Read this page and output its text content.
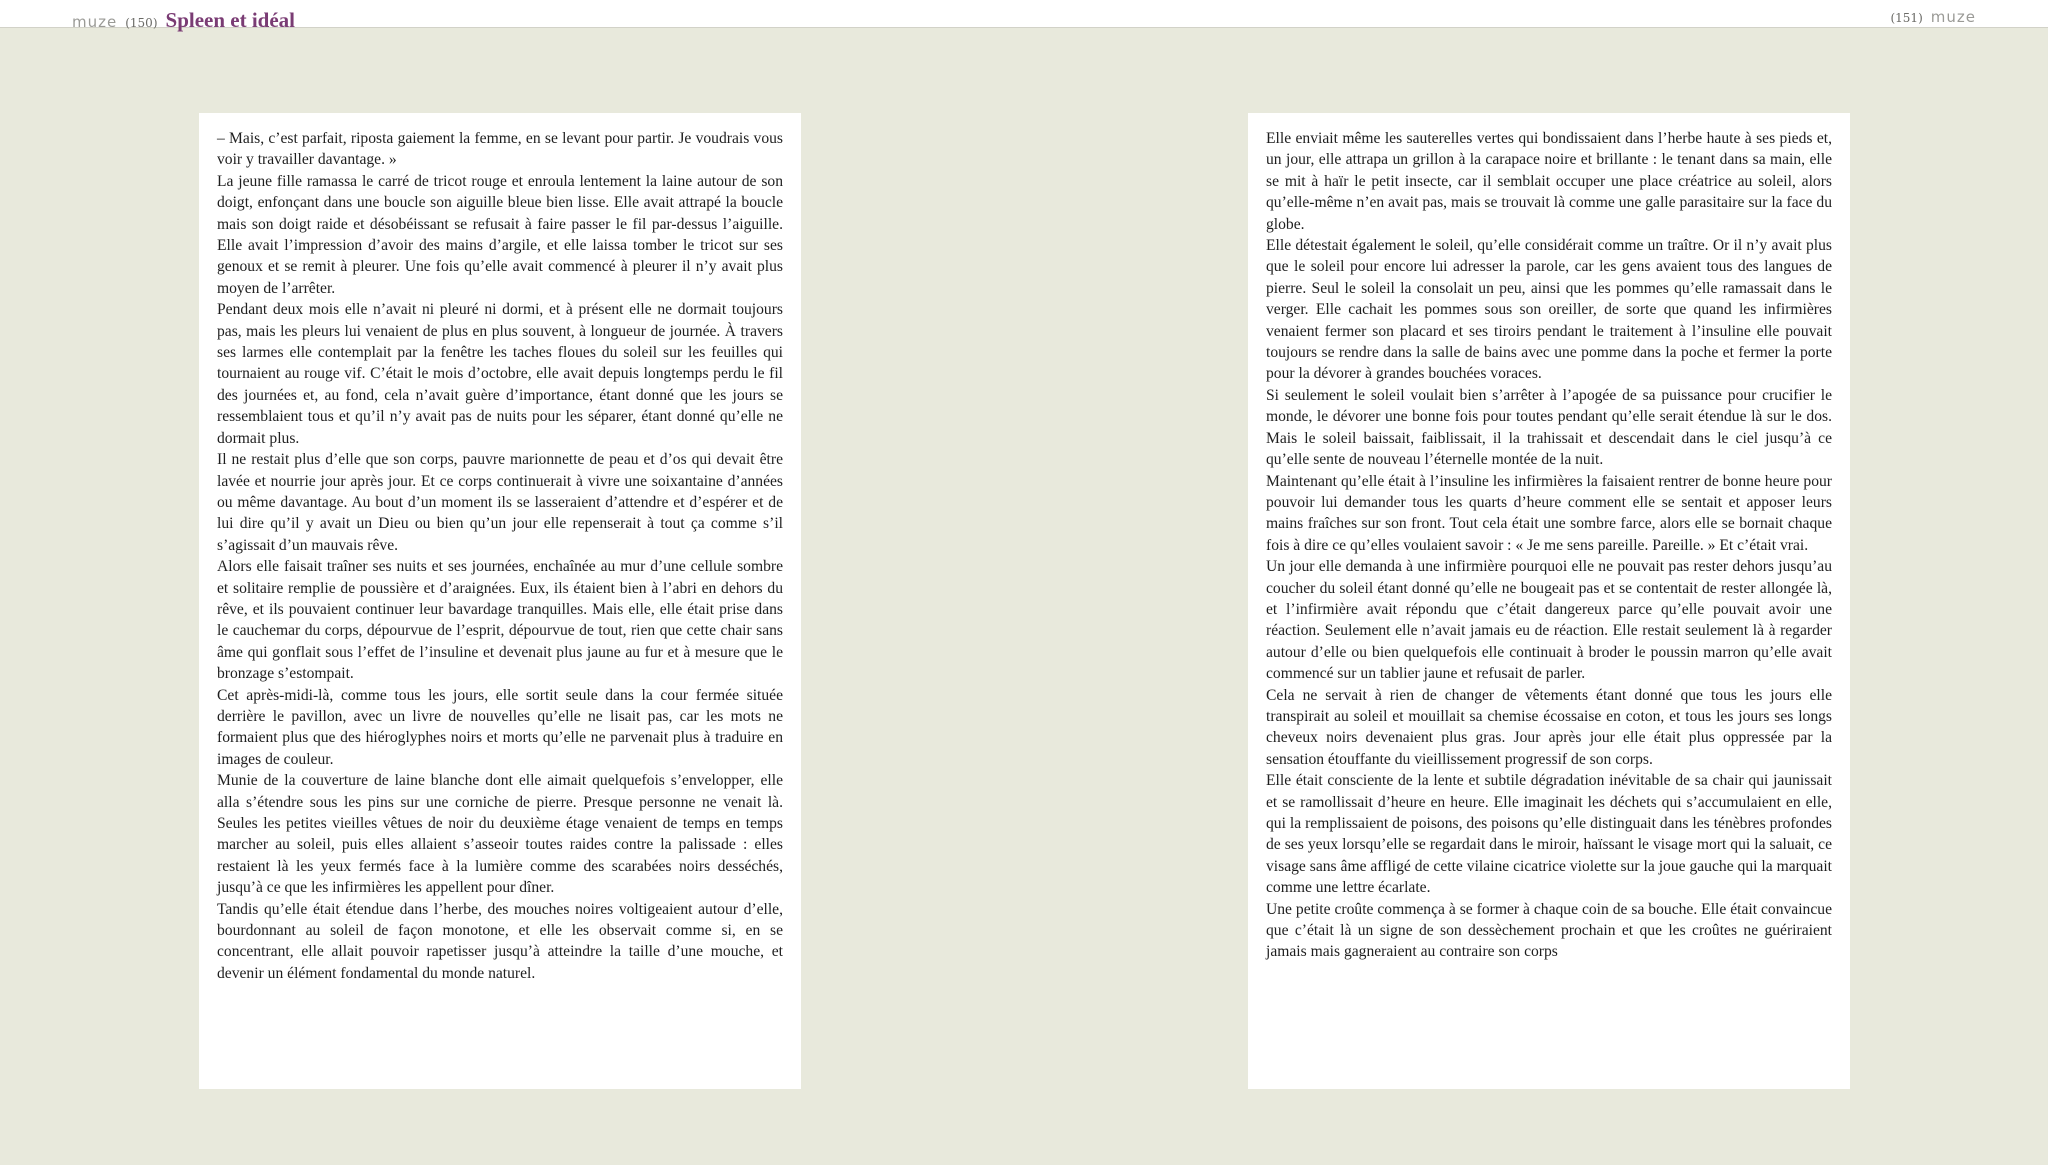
muze (150) Spleen et idéal	(151) muze

– Mais, c’est parfait, riposta gaiement la femme, en se levant pour partir. Je voudrais vous voir y travailler davantage. »

La jeune fille ramassa le carré de tricot rouge et enroula lentement la laine autour de son doigt, enfonçant dans une boucle son aiguille bleue bien lisse. Elle avait attrapé la boucle mais son doigt raide et désobéissant se refusait à faire passer le fil par-dessus l’aiguille. Elle avait l’impression d’avoir des mains d’argile, et elle laissa tomber le tricot sur ses genoux et se remit à pleurer. Une fois qu’elle avait commencé à pleurer il n’y avait plus moyen de l’arrêter.

Pendant deux mois elle n’avait ni pleuré ni dormi, et à présent elle ne dormait toujours pas, mais les pleurs lui venaient de plus en plus souvent, à longueur de journée. À travers ses larmes elle contemplait par la fenêtre les taches floues du soleil sur les feuilles qui tournaient au rouge vif. C’était le mois d’octobre, elle avait depuis longtemps perdu le fil des journées et, au fond, cela n’avait guère d’importance, étant donné que les jours se ressemblaient tous et qu’il n’y avait pas de nuits pour les séparer, étant donné qu’elle ne dormait plus.

Il ne restait plus d’elle que son corps, pauvre marionnette de peau et d’os qui devait être lavée et nourrie jour après jour. Et ce corps continuerait à vivre une soixantaine d’années ou même davantage. Au bout d’un moment ils se lasseraient d’attendre et d’espérer et de lui dire qu’il y avait un Dieu ou bien qu’un jour elle repenserait à tout ça comme s’il s’agissait d’un mauvais rêve.

Alors elle faisait traîner ses nuits et ses journées, enchaînée au mur d’une cellule sombre et solitaire remplie de poussière et d’araignées. Eux, ils étaient bien à l’abri en dehors du rêve, et ils pouvaient continuer leur bavardage tranquilles. Mais elle, elle était prise dans le cauchemar du corps, dépourvue de l’esprit, dépourvue de tout, rien que cette chair sans âme qui gonflait sous l’effet de l’insuline et devenait plus jaune au fur et à mesure que le bronzage s’estompait.

Cet après-midi-là, comme tous les jours, elle sortit seule dans la cour fermée située derrière le pavillon, avec un livre de nouvelles qu’elle ne lisait pas, car les mots ne formaient plus que des hiéroglyphes noirs et morts qu’elle ne parvenait plus à traduire en images de couleur.

Munie de la couverture de laine blanche dont elle aimait quelquefois s’envelopper, elle alla s’étendre sous les pins sur une corniche de pierre. Presque personne ne venait là. Seules les petites vieilles vêtues de noir du deuxième étage venaient de temps en temps marcher au soleil, puis elles allaient s’asseoir toutes raides contre la palissade : elles restaient là les yeux fermés face à la lumière comme des scarabées noirs desséchés, jusqu’à ce que les infirmières les appellent pour dîner.

Tandis qu’elle était étendue dans l’herbe, des mouches noires voltigeaient autour d’elle, bourdonnant au soleil de façon monotone, et elle les observait comme si, en se concentrant, elle allait pouvoir rapetisser jusqu’à atteindre la taille d’une mouche, et devenir un élément fondamental du monde naturel.

Elle enviait même les sauterelles vertes qui bondissaient dans l’herbe haute à ses pieds et, un jour, elle attrapa un grillon à la carapace noire et brillante : le tenant dans sa main, elle se mit à haïr le petit insecte, car il semblait occuper une place créatrice au soleil, alors qu’elle-même n’en avait pas, mais se trouvait là comme une galle parasitaire sur la face du globe.

Elle détestait également le soleil, qu’elle considérait comme un traître. Or il n’y avait plus que le soleil pour encore lui adresser la parole, car les gens avaient tous des langues de pierre. Seul le soleil la consolait un peu, ainsi que les pommes qu’elle ramassait dans le verger. Elle cachait les pommes sous son oreiller, de sorte que quand les infirmières venaient fermer son placard et ses tiroirs pendant le traitement à l’insuline elle pouvait toujours se rendre dans la salle de bains avec une pomme dans la poche et fermer la porte pour la dévorer à grandes bouchées voraces.

Si seulement le soleil voulait bien s’arrêter à l’apogée de sa puissance pour crucifier le monde, le dévorer une bonne fois pour toutes pendant qu’elle serait étendue là sur le dos. Mais le soleil baissait, faiblissait, il la trahissait et descendait dans le ciel jusqu’à ce qu’elle sente de nouveau l’éternelle montée de la nuit.

Maintenant qu’elle était à l’insuline les infirmières la faisaient rentrer de bonne heure pour pouvoir lui demander tous les quarts d’heure comment elle se sentait et apposer leurs mains fraîches sur son front. Tout cela était une sombre farce, alors elle se bornait chaque fois à dire ce qu’elles voulaient savoir : « Je me sens pareille. Pareille. » Et c’était vrai.

Un jour elle demanda à une infirmière pourquoi elle ne pouvait pas rester dehors jusqu’au coucher du soleil étant donné qu’elle ne bougeait pas et se contentait de rester allongée là, et l’infirmière avait répondu que c’était dangereux parce qu’elle pouvait avoir une réaction. Seulement elle n’avait jamais eu de réaction. Elle restait seulement là à regarder autour d’elle ou bien quelquefois elle continuait à broder le poussin marron qu’elle avait commencé sur un tablier jaune et refusait de parler.

Cela ne servait à rien de changer de vêtements étant donné que tous les jours elle transpirait au soleil et mouillait sa chemise écossaise en coton, et tous les jours ses longs cheveux noirs devenaient plus gras. Jour après jour elle était plus oppressée par la sensation étouffante du vieillissement progressif de son corps.

Elle était consciente de la lente et subtile dégradation inévitable de sa chair qui jaunissait et se ramollissait d’heure en heure. Elle imaginait les déchets qui s’accumulaient en elle, qui la remplissaient de poisons, des poisons qu’elle distinguait dans les ténèbres profondes de ses yeux lorsqu’elle se regardait dans le miroir, haïssant le visage mort qui la saluait, ce visage sans âme affligé de cette vilaine cicatrice violette sur la joue gauche qui la marquait comme une lettre écarlate.

Une petite croûte commença à se former à chaque coin de sa bouche. Elle était convaincue que c’était là un signe de son dessèchement prochain et que les croûtes ne guériraient jamais mais gagneraient au contraire son corps
